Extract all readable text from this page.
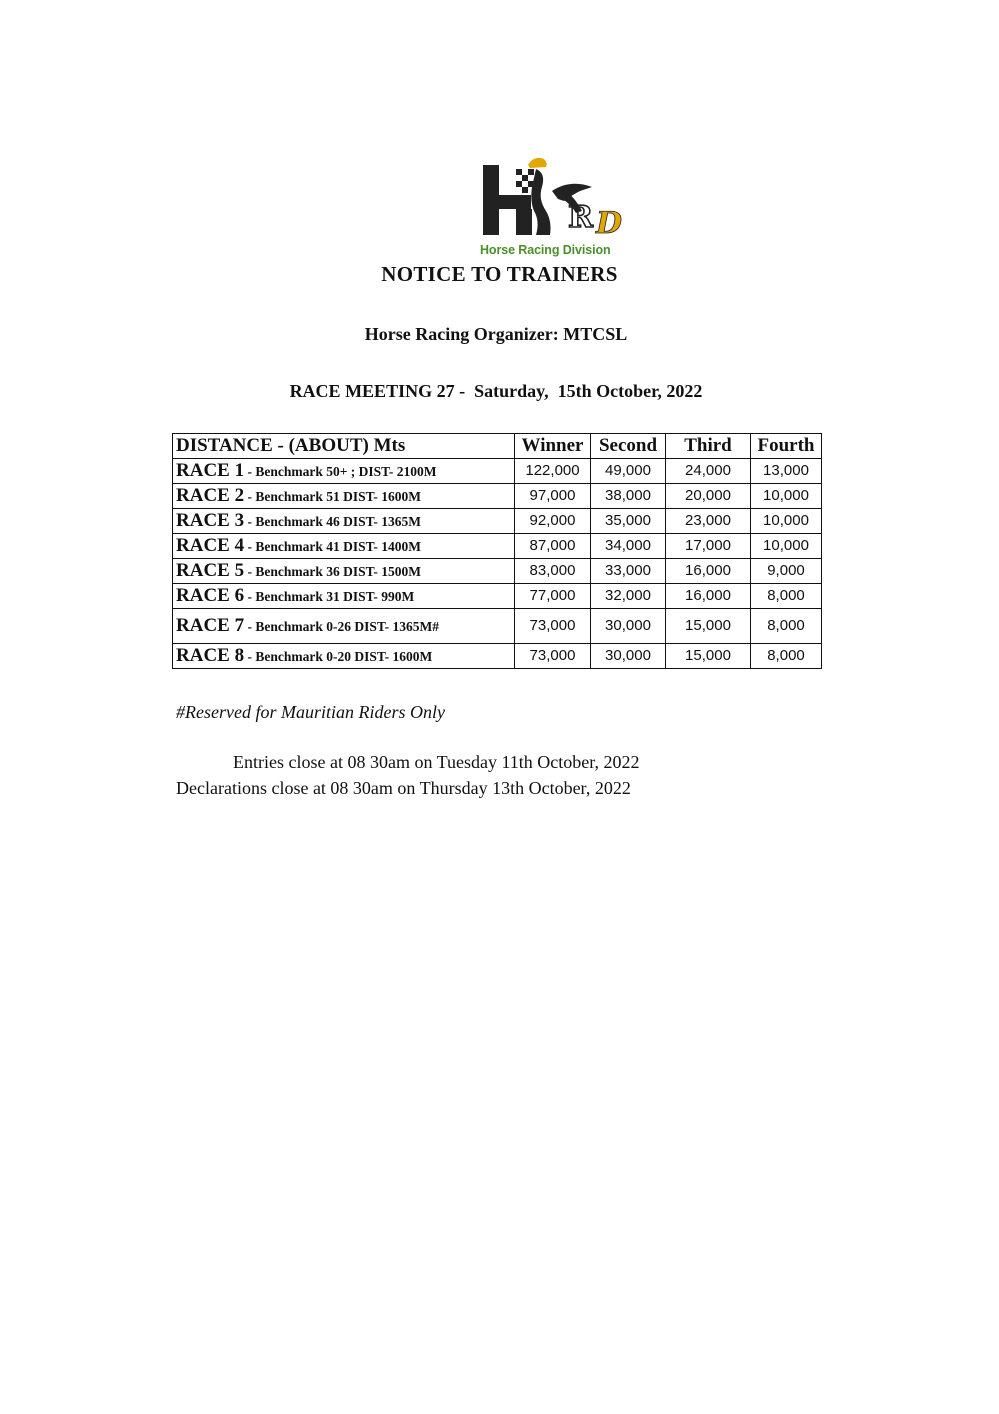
R D
Horse Racing Division
NOTICE TO TRAINERS
Horse Racing Organizer: MTCSL
RACE MEETING 27 -  Saturday,  15th October, 2022
DISTANCE - (ABOUT) Mts	Winner	Second	Third	Fourth
RACE 1 - Benchmark 50+ ; DIST- 2100M	122,000	49,000	24,000	13,000
RACE 2 - Benchmark 51 DIST- 1600M	97,000	38,000	20,000	10,000
RACE 3 - Benchmark 46 DIST- 1365M	92,000	35,000	23,000	10,000
RACE 4 - Benchmark 41 DIST- 1400M	87,000	34,000	17,000	10,000
RACE 5 - Benchmark 36 DIST- 1500M	83,000	33,000	16,000	9,000
RACE 6 - Benchmark 31 DIST- 990M	77,000	32,000	16,000	8,000
RACE 7 - Benchmark 0-26 DIST- 1365M#	73,000	30,000	15,000	8,000
RACE 8 - Benchmark 0-20 DIST- 1600M	73,000	30,000	15,000	8,000
#Reserved for Mauritian Riders Only
Entries close at 08 30am on Tuesday 11th October, 2022
Declarations close at 08 30am on Thursday 13th October, 2022
